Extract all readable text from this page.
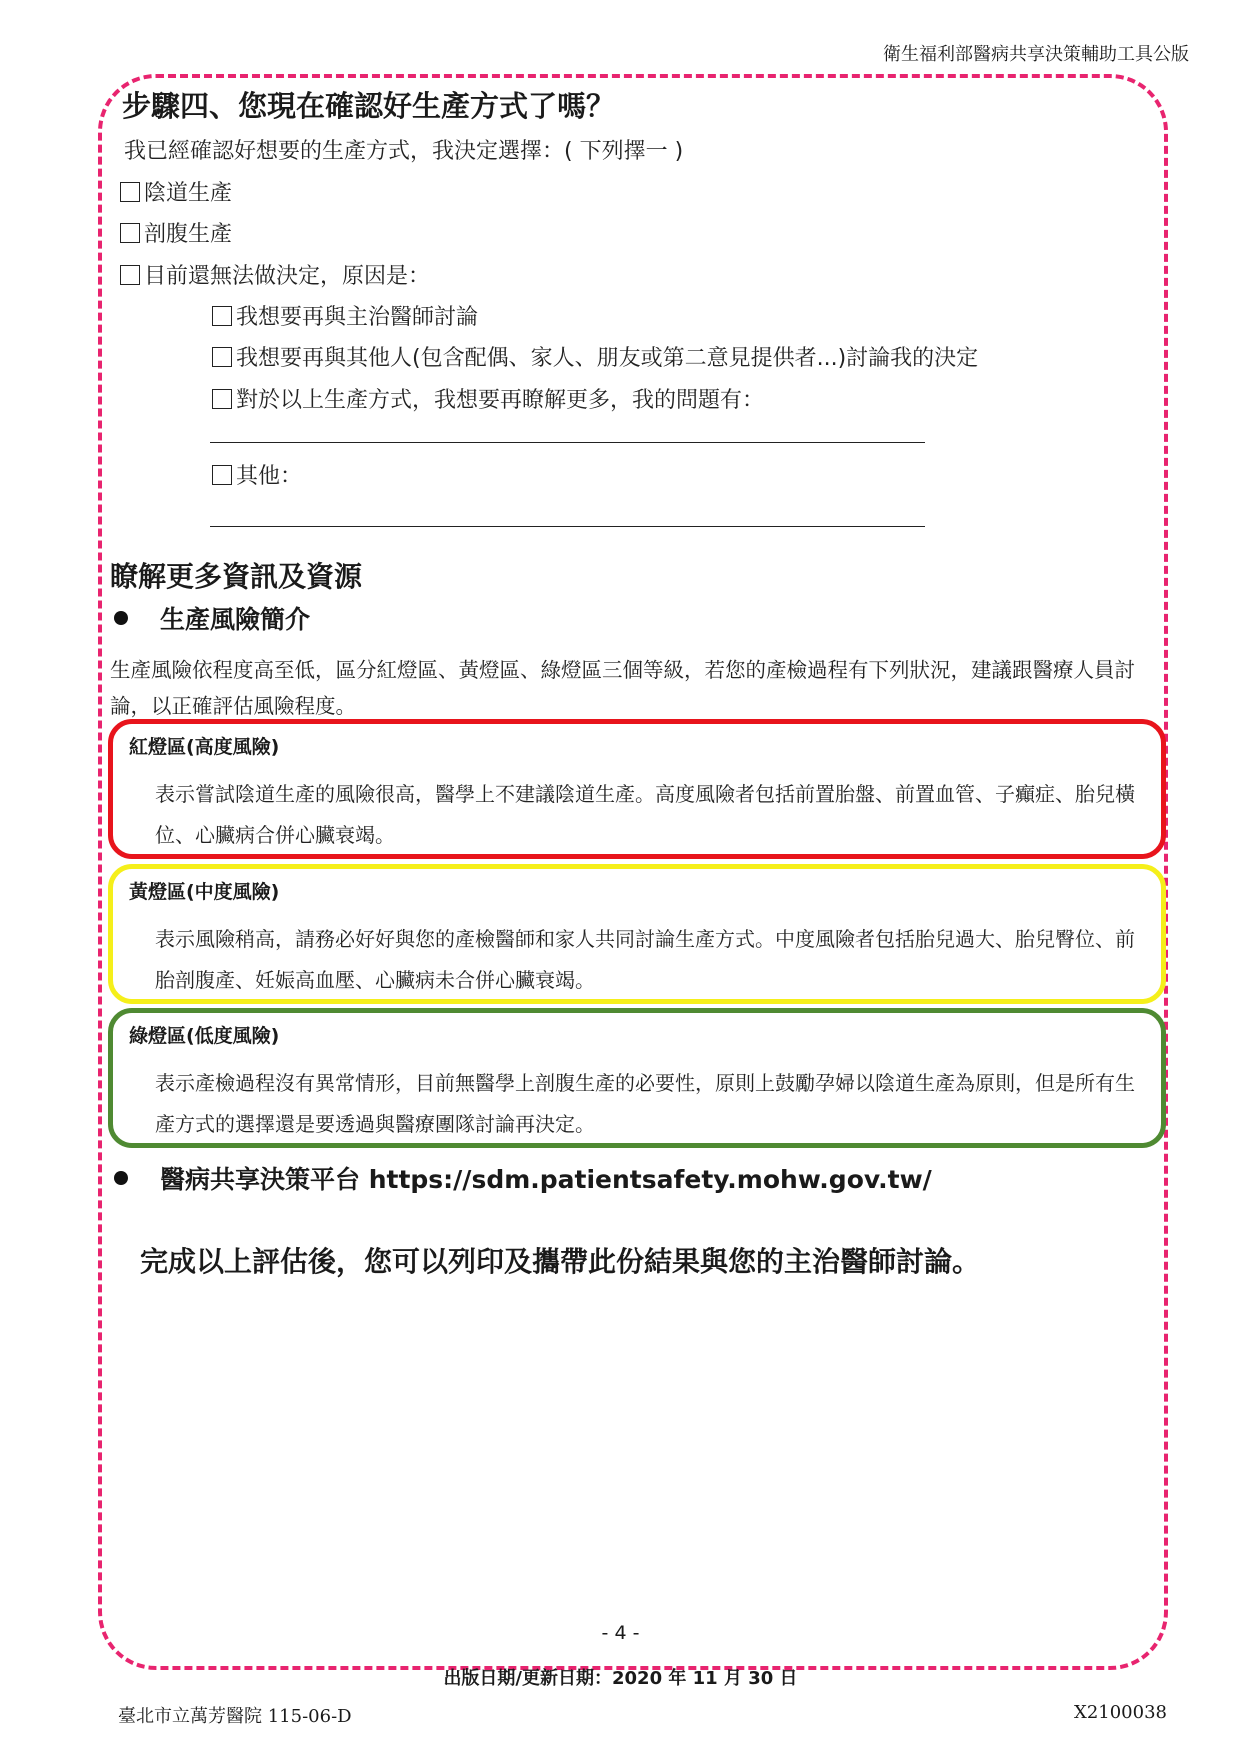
衛生福利部醫病共享決策輔助工具公版
步驟四、您現在確認好生產方式了嗎？
我已經確認好想要的生產方式，我決定選擇：( 下列擇一 )
陰道生產
剖腹生產
目前還無法做決定，原因是：
我想要再與主治醫師討論
我想要再與其他人(包含配偶、家人、朋友或第二意見提供者...)討論我的決定
對於以上生產方式，我想要再瞭解更多，我的問題有：
其他：
瞭解更多資訊及資源
生產風險簡介
生產風險依程度高至低，區分紅燈區、黃燈區、綠燈區三個等級，若您的產檢過程有下列狀況，建議跟醫療人員討論，以正確評估風險程度。
紅燈區(高度風險)
表示嘗試陰道生產的風險很高，醫學上不建議陰道生產。高度風險者包括前置胎盤、前置血管、子癲症、胎兒橫位、心臟病合併心臟衰竭。
黃燈區(中度風險)
表示風險稍高，請務必好好與您的產檢醫師和家人共同討論生產方式。中度風險者包括胎兒過大、胎兒臀位、前胎剖腹產、妊娠高血壓、心臟病未合併心臟衰竭。
綠燈區(低度風險)
表示產檢過程沒有異常情形，目前無醫學上剖腹生產的必要性，原則上鼓勵孕婦以陰道生產為原則，但是所有生產方式的選擇還是要透過與醫療團隊討論再決定。
醫病共享決策平台 https://sdm.patientsafety.mohw.gov.tw/
完成以上評估後，您可以列印及攜帶此份結果與您的主治醫師討論。
- 4 -
出版日期/更新日期：2020 年 11 月 30 日
臺北市立萬芳醫院 115-06-D	X2100038
